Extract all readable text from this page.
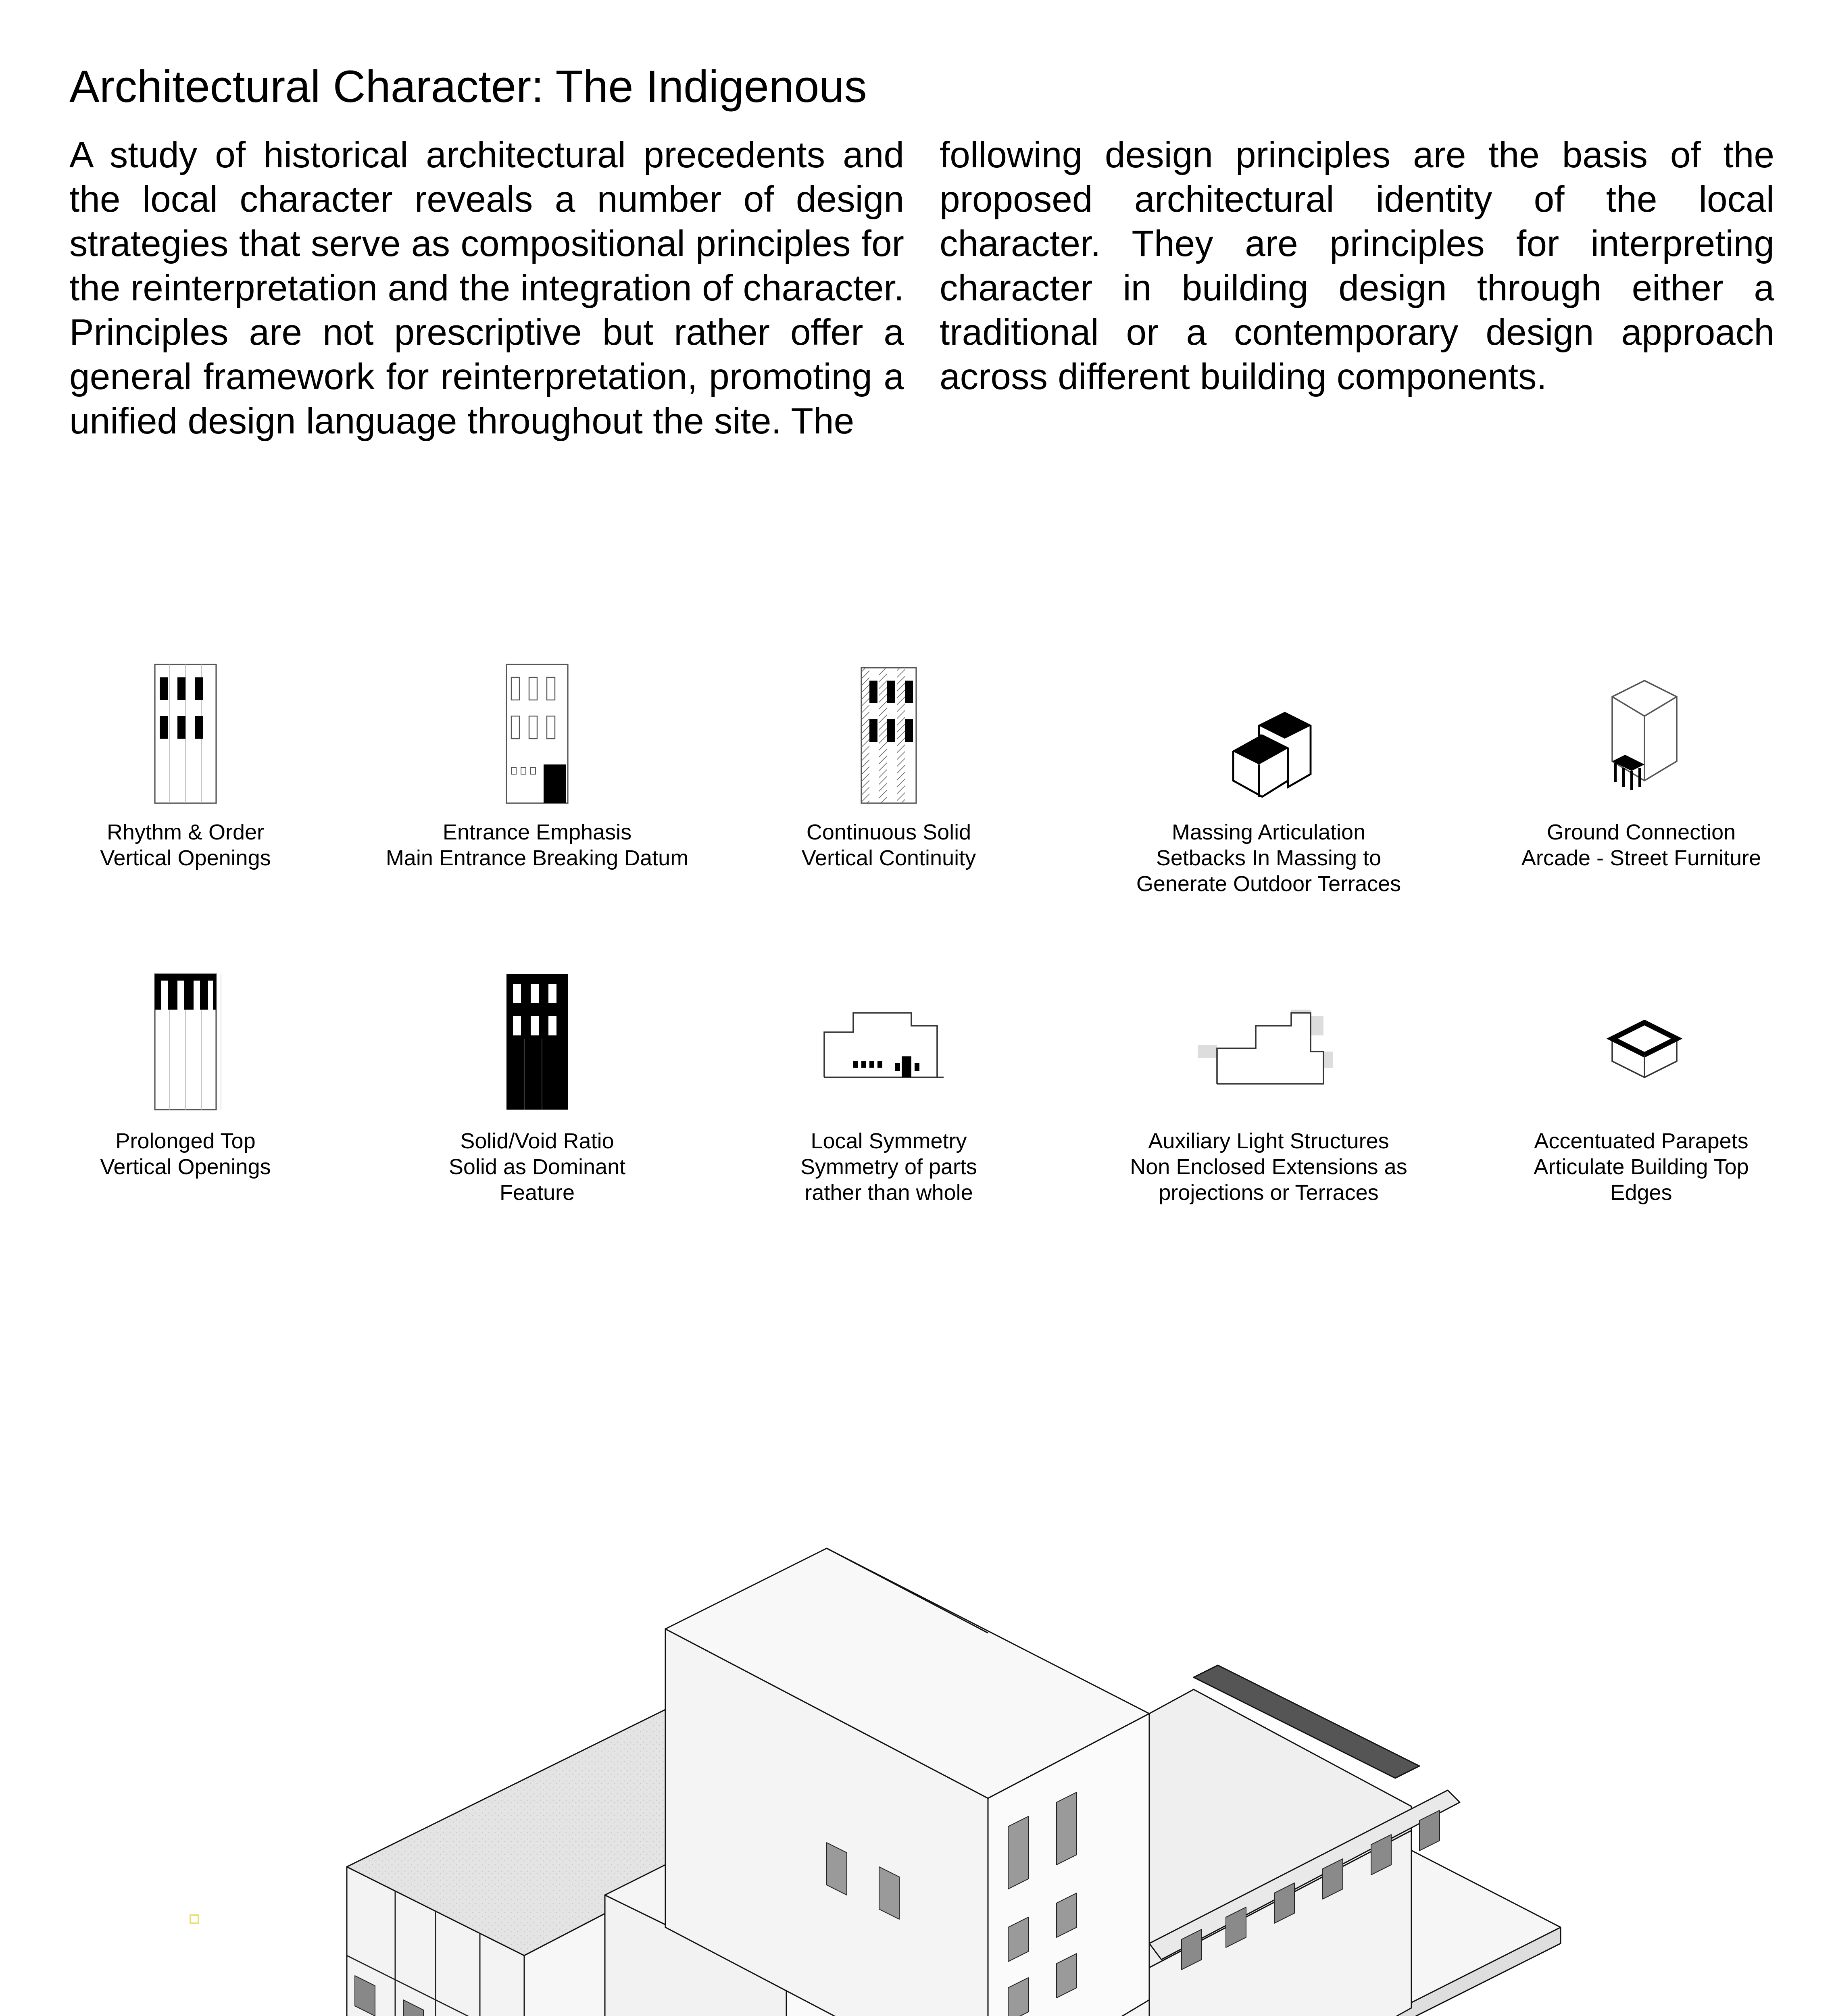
Architectural Character: The Indigenous
A study of historical architectural precedents and the local character reveals a number of design strategies that serve as compositional principles for the reinterpretation and the integration of character. Principles are not prescriptive but rather offer a general framework for reinterpretation, promoting a unified design language throughout the site. The
following design principles are the basis of the proposed architectural identity of the local character. They are principles for interpreting character in building design through either a traditional or a contemporary design approach across different building components.
Rhythm & Order
Vertical Openings
Entrance Emphasis
Main Entrance Breaking Datum
Continuous Solid
Vertical Continuity
Massing Articulation
Setbacks In Massing to
Generate Outdoor Terraces
Ground Connection
Arcade - Street Furniture
Prolonged Top
Vertical Openings
Solid/Void Ratio
Solid as Dominant
Feature
Local Symmetry
Symmetry of parts
rather than whole
Auxiliary Light Structures
Non Enclosed Extensions as
projections or Terraces
Accentuated Parapets
Articulate Building Top
Edges
